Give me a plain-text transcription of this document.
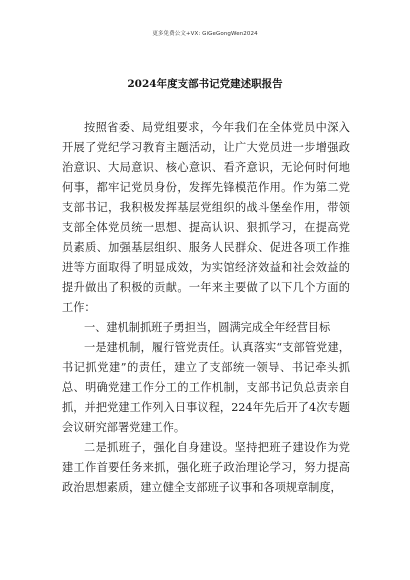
更多免费公文+VX: GiGeGongWen2024
2024年度支部书记党建述职报告

按照省委、局党组要求，今年我们在全体党员中深入开展了党纪学习教育主题活动，让广大党员进一步增强政治意识、大局意识、核心意识、看齐意识，无论何时何地何事，都牢记党员身份，发挥先锋模范作用。作为第二党支部书记，我积极发挥基层党组织的战斗堡垒作用，带领支部全体党员统一思想、提高认识、狠抓学习，在提高党员素质、加强基层组织、服务人民群众、促进各项工作推进等方面取得了明显成效，为实馆经济效益和社会效益的提升做出了积极的贡献。一年来主要做了以下几个方面的工作：

一、建机制抓班子勇担当，圆满完成全年经营目标

一是建机制，履行管党责任。认真落实“支部管党建，书记抓党建”的责任，建立了支部统一领导、书记牵头抓总、明确党建工作分工的工作机制，支部书记负总责亲自抓，并把党建工作列入日事议程，224年先后开了4次专题会议研究部署党建工作。

二是抓班子，强化自身建设。坚持把班子建设作为党建工作首要任务来抓，强化班子政治理论学习，努力提高政治思想素质，建立健全支部班子议事和各项规章制度，
